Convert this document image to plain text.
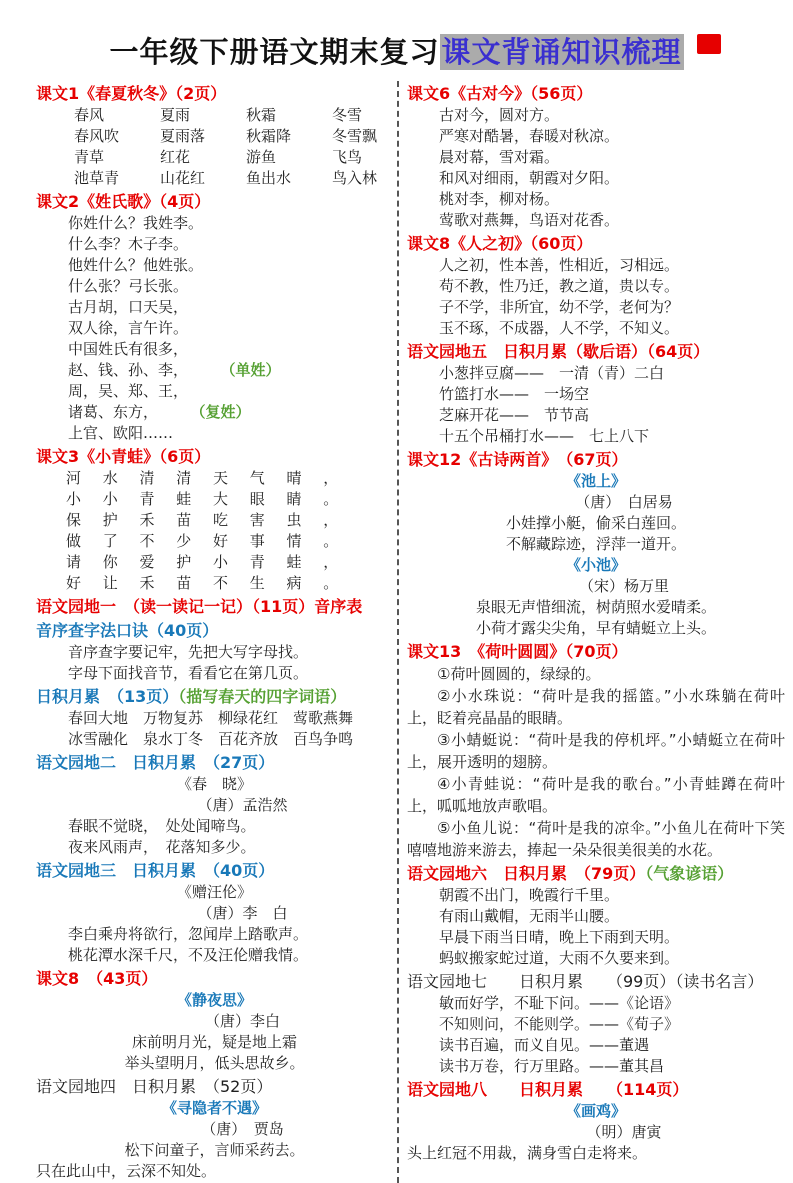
一年级下册语文期末复习课文背诵知识梳理
课文1《春夏秋冬》（2页）
春风	夏雨	秋霜	冬雪
春风吹	夏雨落	秋霜降	冬雪飘
青草	红花	游鱼	飞鸟
池草青	山花红	鱼出水	鸟入林
课文2《姓氏歌》（4页）
你姓什么？我姓李。
什么李？木子李。
他姓什么？他姓张。
什么张？弓长张。
古月胡，口天吴，
双人徐，言午许。
中国姓氏有很多，
赵、钱、孙、李，	（单姓）
周，吴、郑、王，
诸葛、东方，	（复姓）
上官、欧阳……
课文3《小青蛙》（6页）
河水清清天气晴，
小小青蛙大眼睛。
保护禾苗吃害虫，
做了不少好事情。
请你爱护小青蛙，
好让禾苗不生病。
语文园地一　（读一读记一记）（11页）音序表
音序查字法口诀（40页）
音序查字要记牢，先把大写字母找。
字母下面找音节，看看它在第几页。
日积月累　（13页）（描写春天的四字词语）
春回大地　万物复苏　柳绿花红　莺歌燕舞
冰雪融化　泉水丁冬　百花齐放　百鸟争鸣
语文园地二　日积月累　（27页）
《春　晓》
（唐）孟浩然
春眠不觉晓，　处处闻啼鸟。
夜来风雨声，　花落知多少。
语文园地三　日积月累　（40页）
《赠汪伦》
（唐）李　白
李白乘舟将欲行，忽闻岸上踏歌声。
桃花潭水深千尺，不及汪伦赠我情。
课文8　（43页）
《静夜思》
（唐）李白
床前明月光，疑是地上霜
举头望明月，低头思故乡。
语文园地四　日积月累　（52页）
《寻隐者不遇》
（唐）　贾岛
松下问童子，言师采药去。
只在此山中，云深不知处。
课文6《古对今》（56页）
古对今，圆对方。
严寒对酷暑，春暖对秋凉。
晨对幕，雪对霜。
和风对细雨，朝霞对夕阳。
桃对李，柳对杨。
莺歌对燕舞，鸟语对花香。
课文8《人之初》（60页）
人之初，性本善，性相近，习相远。
苟不教，性乃迁，教之道，贵以专。
子不学，非所宜，幼不学，老何为？
玉不琢，不成器，人不学，不知义。
语文园地五　日积月累（歇后语）（64页）
小葱拌豆腐——　一清（青）二白
竹篮打水——　一场空
芝麻开花——　节节高
十五个吊桶打水——　七上八下
课文12《古诗两首》　（67页）
《池上》
（唐）　白居易
小娃撑小艇，偷采白莲回。
不解藏踪迹，浮萍一道开。
《小池》
（宋）杨万里
泉眼无声惜细流，树荫照水爱晴柔。
小荷才露尖尖角，早有蜻蜓立上头。
课文13　《荷叶圆圆》（70页）
①荷叶圆圆的，绿绿的。
②小水珠说：“荷叶是我的摇篮。”小水珠躺在荷叶上，眨着亮晶晶的眼睛。
③小蜻蜓说：“荷叶是我的停机坪。”小蜻蜓立在荷叶上，展开透明的翅膀。
④小青蛙说：“荷叶是我的歌台。”小青蛙蹲在荷叶上，呱呱地放声歌唱。
⑤小鱼儿说：“荷叶是我的凉伞。”小鱼儿在荷叶下笑嘻嘻地游来游去，捧起一朵朵很美很美的水花。
语文园地六　日积月累　（79页）（气象谚语）
朝霞不出门，晚霞行千里。
有雨山戴帽，无雨半山腰。
早晨下雨当日晴，晚上下雨到天明。
蚂蚁搬家蛇过道，大雨不久要来到。
语文园地七　　日积月累　　（99页）（读书名言）
敏而好学，不耻下问。——《论语》
不知则问，不能则学。——《荀子》
读书百遍，而义自见。——董遇
读书万卷，行万里路。——董其昌
语文园地八　　日积月累　　（114页）
《画鸡》
（明）唐寅
头上红冠不用裁，满身雪白走将来。
